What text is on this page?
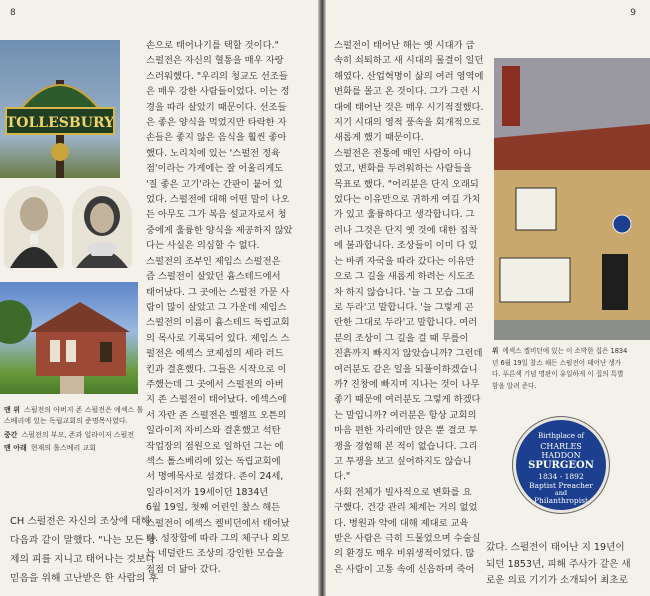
8
TOLLESBURY
맨 위 스펄전의 아버지 존 스펄전은 에섹스 톨
스베리에 있는 독립교회의 준명목사였다.
중간 스펄전의 부모, 존과 일라이저 스펄전
맨 아래 현재의 톨스베리 교회
CH 스펄전은 자신의 조상에 대해
다음과 같이 말했다. "나는 모든 황
제의 피를 지니고 태어나는 것보다
믿음을 위해 고난받은 한 사람의 후
손으로 태어나기를 택할 것이다."
스펄전은 자신의 혈통을 매우 자랑
스러워했다. "우리의 청교도 선조들
은 매우 강한 사람들이었다. 이는 정
경을 따라 살았기 때문이다. 선조들
은 좋은 양식을 먹었지만 타락한 자
손들은 좋지 않은 음식을 훨씬 좋아
했다. 노리치에 있는 '스펄전 정육
점'이라는 가게에는 잘 어울리게도
'질 좋은 고기'라는 간판이 붙어 있
었다. 스펄전에 대해 어떤 말이 나오
든 아무도 그가 복음 설교자로서 청
중에게 훌륭한 양식을 제공하지 않았
다는 사실은 의심할 수 없다.
스펄전의 조부인 제임스 스펄전은
즘 스펄전이 살았던 흄스테드에서
태어났다. 그 곳에는 스펄전 가문 사
람이 많이 살았고 그 가운데 제임스
스펄전의 이름이 흄스테드 독립교회
의 목사로 기록되어 있다. 제임스 스
펄전은 에섹스 코제섬의 세라 러드
킨과 결혼했다. 그들은 시작으로 이
주했는데 그 곳에서 스펄전의 아버
지 존 스펄전이 태어났다. 에섹스에
서 자란 존 스펄전은 벨챔프 오튼의
일라이저 자비스와 결혼했고 석탄
작업장의 점원으로 일하던 그는 에
섹스 톨스베리에 있는 독립교회에
서 명예목사로 섬겼다. 존이 24세,
일라이저가 19세이던 1834년
6월 19일, 첫째 어린인 찰스 해든
스펄전이 에섹스 켈비던에서 태어났
다. 성장함에 따라 그의 체구나 외모
는 네덜란드 조상의 강인한 모습을
점점 더 닮아 갔다.
9
스펄전이 태어난 해는 옛 시대가 급
속히 쇠퇴하고 새 시대의 물결이 일던
해였다. 산업혁명이 삶의 여러 영역에
변화를 몰고 온 것이다. 그가 그런 시
대에 태어난 것은 매우 시기적절했다.
지기 시대의 영적 풍속을 회개적으로
새롭게 했기 때문이다.
스펄전은 전통에 매인 사람이 아니
었고, 변화를 두려워하는 사람들을
목표로 했다. "어리분은 단지 오래되
었다는 이유만으로 귀하게 여길 가치
가 있고 훌륭하다고 생각합니다. 그
러나 그것은 단지 옛 것에 대한 집착
에 불과합니다. 조상들이 이미 다 있
는 바퀴 자국을 따라 갔다는 이유만
으로 그 길을 새롭게 하려는 시도조
차 하지 않습니다. '늘 그 모습 그대
로 두라'고 말합니다. '늘 그렇게 곤
란한 그대로 두라'고 말합니다. 여러
분의 조상이 그 길을 걸 때 무릎이
진흙까지 빠지지 않았습니까? 그런데
여러분도 같은 일을 되풀이하겠습니
까? 진창에 빠지며 지나는 것이 나무
좋기 때문에 여러분도 그렇게 하겠다
는 말입니까? 여러분은 항상 교회의
마음 편한 자리에만 앉은 뿐 결코 투
쟁을 경험해 본 적이 없습니다. 그리
고 투쟁을 보고 싶어하지도 않습니
다."
사회 전체가 빌사적으로 변화를 요
구했다. 건강 관리 체계는 거의 없었
다. 병원과 약에 대해 제대로 교육
받은 사람은 극히 드물었으며 수술실
의 환경도 매우 비위생적이었다. 많
은 사람이 고통 속에 신음하며 죽어
갔다. 스펄전이 태어난 지 19년이
되던 1853년, 피해 주사가 같은 새
로운 의료 기기가 소개되어 최초로
위 에섹스 켈비던에 있는 이 소박한 집은 1834
년 6월 19일 찰스 해든 스펄전이 태어난 생가
다. 푸른색 기념 명판이 유일하게 이 집의 특별
함을 알려 준다.
Birthplace of
CHARLES
HADDON
SPURGEON
1834 - 1892
Baptist Preacher
and
Philanthropist
